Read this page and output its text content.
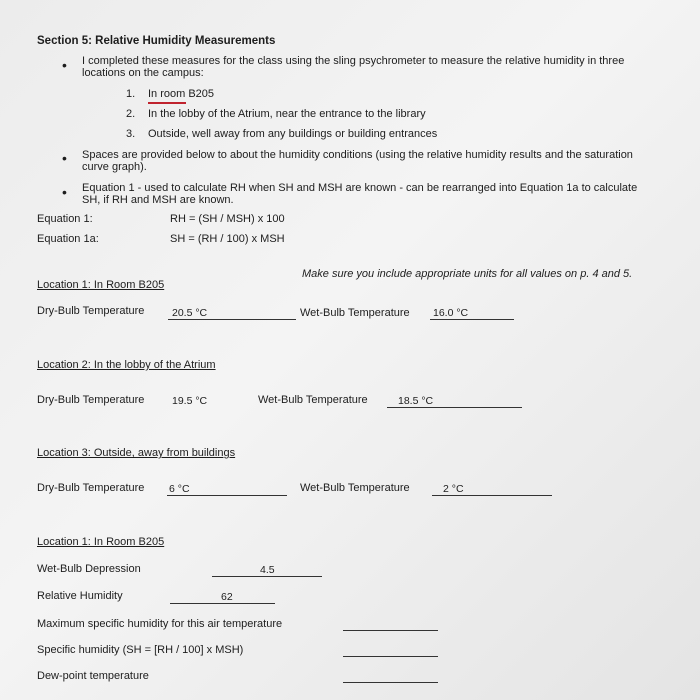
Section 5: Relative Humidity Measurements
• I completed these measures for the class using the sling psychrometer to measure the relative humidity in three
locations on the campus:
1. In room B205
2. In the lobby of the Atrium, near the entrance to the library
3. Outside, well away from any buildings or building entrances
• Spaces are provided below to about the humidity conditions (using the relative humidity results and the saturation
curve graph).
• Equation 1 - used to calculate RH when SH and MSH are known - can be rearranged into Equation 1a to calculate
SH, if RH and MSH are known.
Equation 1:	RH = (SH / MSH) x 100
Equation 1a:	SH = (RH / 100) x MSH
Make sure you include appropriate units for all values on p. 4 and 5.
Location 1: In Room B205
Dry-Bulb Temperature	20.5 °C	Wet-Bulb Temperature 16.0 °C
Location 2: In the lobby of the Atrium
Dry-Bulb Temperature	19.5 °C	Wet-Bulb Temperature	18.5 °C
Location 3: Outside, away from buildings
Dry-Bulb Temperature 6 °C	Wet-Bulb Temperature	2 °C
Location 1: In Room B205
Wet-Bulb Depression	4.5
Relative Humidity	62
Maximum specific humidity for this air temperature
Specific humidity (SH = [RH / 100] x MSH)
Dew-point temperature
